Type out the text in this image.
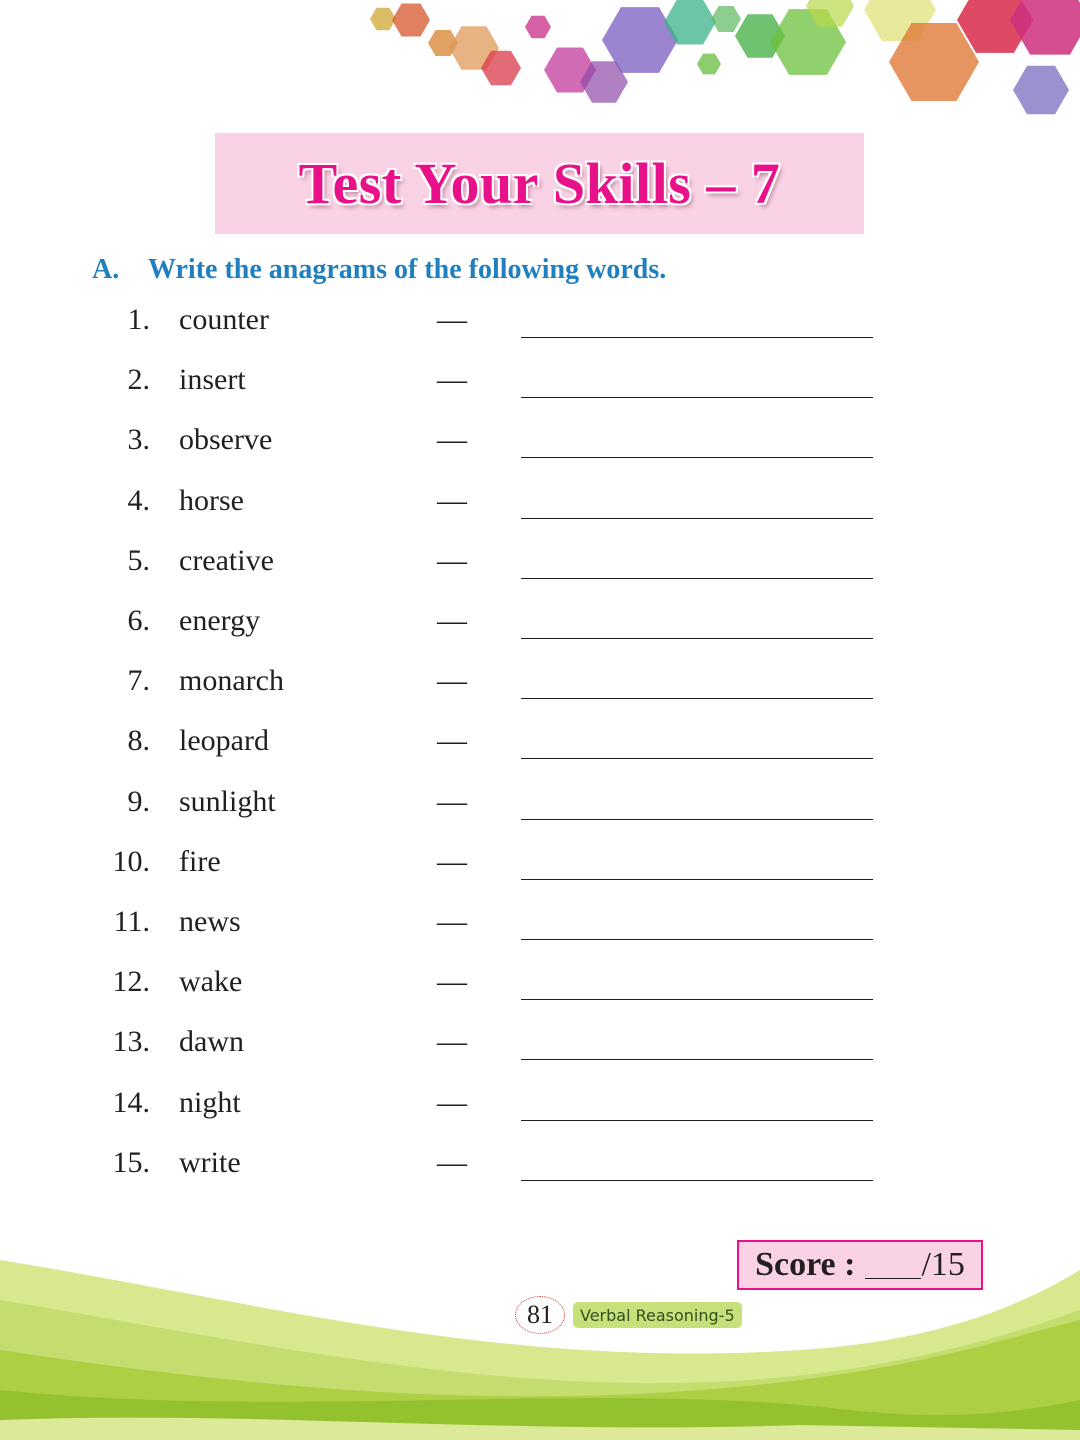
Test Your Skills – 7
A.	Write the anagrams of the following words.
1. counter	—
2. insert	—
3. observe	—
4. horse	—
5. creative	—
6. energy	—
7. monarch	—
8. leopard	—
9. sunlight	—
10. fire	—
11. news	—
12. wake	—
13. dawn	—
14. night	—
15. write	—
Score : /15
81	Verbal Reasoning-5
